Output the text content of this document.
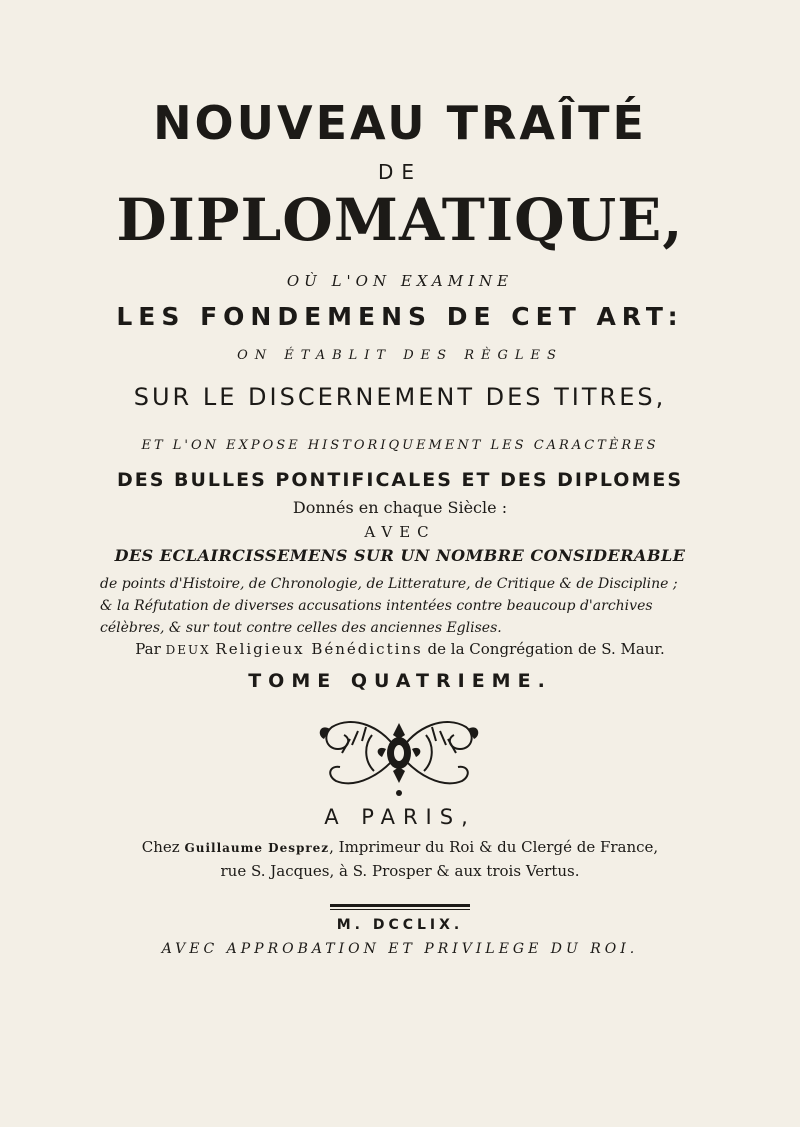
NOUVEAU TRAÎTÉ
DE
DIPLOMATIQUE,
OÙ L'ON EXAMINE
LES FONDEMENS DE CET ART:
ON ÉTABLIT DES RÈGLES
SUR LE DISCERNEMENT DES TITRES,
ET L'ON EXPOSE HISTORIQUEMENT LES CARACTÈRES
DES BULLES PONTIFICALES ET DES DIPLOMES
Donnés en chaque Siècle :
AVEC
DES ECLAIRCISSEMENS SUR UN NOMBRE CONSIDERABLE
de points d'Histoire, de Chronologie, de Litterature, de Critique & de Discipline ;
& la Réfutation de diverses accusations intentées contre beaucoup d'archives
célèbres, & sur tout contre celles des anciennes Eglises.
Par DEUX Religieux Bénédictins de la Congrégation de S. Maur.
TOME QUATRIEME.
A PARIS,
Chez Guillaume Desprez, Imprimeur du Roi & du Clergé de France,
rue S. Jacques, à S. Prosper & aux trois Vertus.
M. DCCLIX.
AVEC APPROBATION ET PRIVILEGE DU ROI.
